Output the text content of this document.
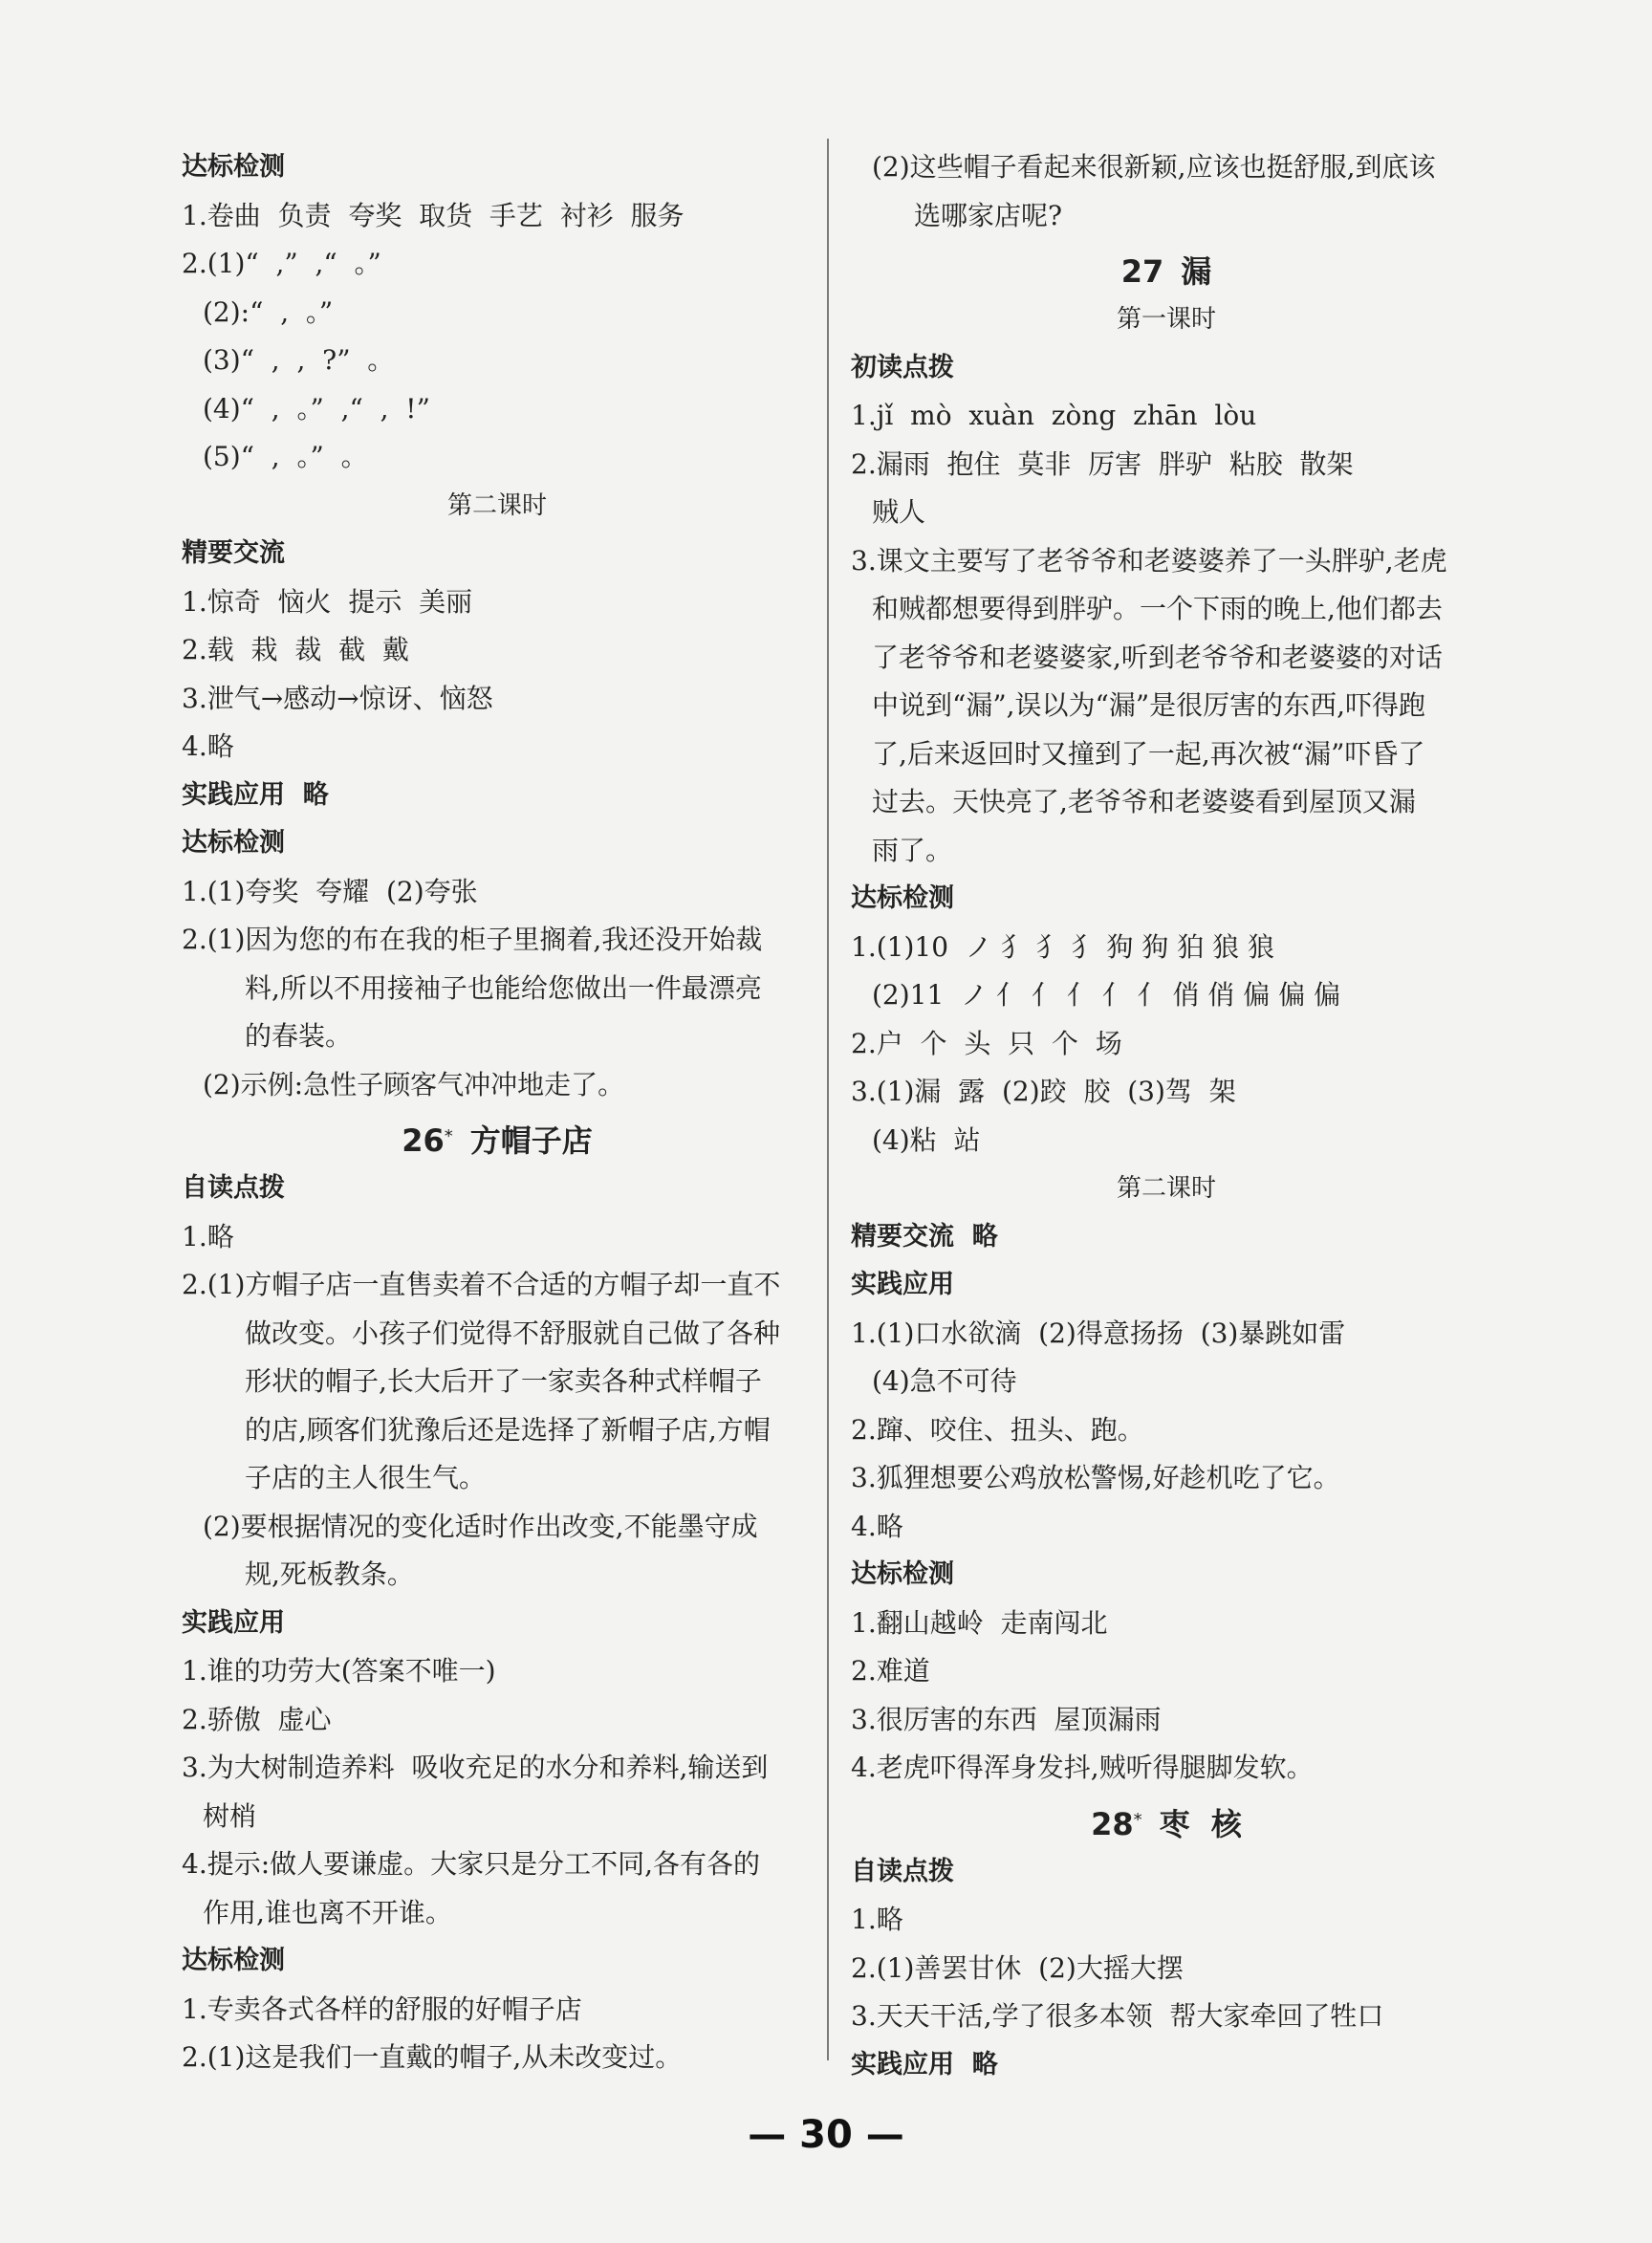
达标检测
1.卷曲  负责  夸奖  取货  手艺  衬衫  服务
2.(1)“  ,”  ,“  。”
(2):“  ,  。”
(3)“  ,  ,  ?”  。
(4)“  ,  。”  ,“  ,  !”
(5)“  ,  。”  。
第二课时
精要交流
1.惊奇  恼火  提示  美丽
2.载  栽  裁  截  戴
3.泄气→感动→惊讶、恼怒
4.略
实践应用  略
达标检测
1.(1)夸奖  夸耀  (2)夸张
2.(1)因为您的布在我的柜子里搁着,我还没开始裁
料,所以不用接袖子也能给您做出一件最漂亮
的春装。
(2)示例:急性子顾客气冲冲地走了。
26* 方帽子店
自读点拨
1.略
2.(1)方帽子店一直售卖着不合适的方帽子却一直不
做改变。小孩子们觉得不舒服就自己做了各种
形状的帽子,长大后开了一家卖各种式样帽子
的店,顾客们犹豫后还是选择了新帽子店,方帽
子店的主人很生气。
(2)要根据情况的变化适时作出改变,不能墨守成
规,死板教条。
实践应用
1.谁的功劳大(答案不唯一)
2.骄傲  虚心
3.为大树制造养料  吸收充足的水分和养料,输送到
树梢
4.提示:做人要谦虚。大家只是分工不同,各有各的
作用,谁也离不开谁。
达标检测
1.专卖各式各样的舒服的好帽子店
2.(1)这是我们一直戴的帽子,从未改变过。
(2)这些帽子看起来很新颖,应该也挺舒服,到底该
选哪家店呢?
27 漏
第一课时
初读点拨
1.jǐ  mò  xuàn  zòng  zhān  lòu
2.漏雨  抱住  莫非  厉害  胖驴  粘胶  散架
贼人
3.课文主要写了老爷爷和老婆婆养了一头胖驴,老虎
和贼都想要得到胖驴。一个下雨的晚上,他们都去
了老爷爷和老婆婆家,听到老爷爷和老婆婆的对话
中说到“漏”,误以为“漏”是很厉害的东西,吓得跑
了,后来返回时又撞到了一起,再次被“漏”吓昏了
过去。天快亮了,老爷爷和老婆婆看到屋顶又漏
雨了。
达标检测
1.(1)10  ノ 犭 犭 犭 狗 狗 狛 狼 狼
(2)11  ノ 亻 亻 亻 亻 亻 俏 俏 偏 偏 偏
2.户  个  头  只  个  场
3.(1)漏  露  (2)跤  胶  (3)驾  架
(4)粘  站
第二课时
精要交流  略
实践应用
1.(1)口水欲滴  (2)得意扬扬  (3)暴跳如雷
(4)急不可待
2.蹿、咬住、扭头、跑。
3.狐狸想要公鸡放松警惕,好趁机吃了它。
4.略
达标检测
1.翻山越岭  走南闯北
2.难道
3.很厉害的东西  屋顶漏雨
4.老虎吓得浑身发抖,贼听得腿脚发软。
28* 枣  核
自读点拨
1.略
2.(1)善罢甘休  (2)大摇大摆
3.天天干活,学了很多本领  帮大家牵回了牲口
实践应用  略
— 30 —
